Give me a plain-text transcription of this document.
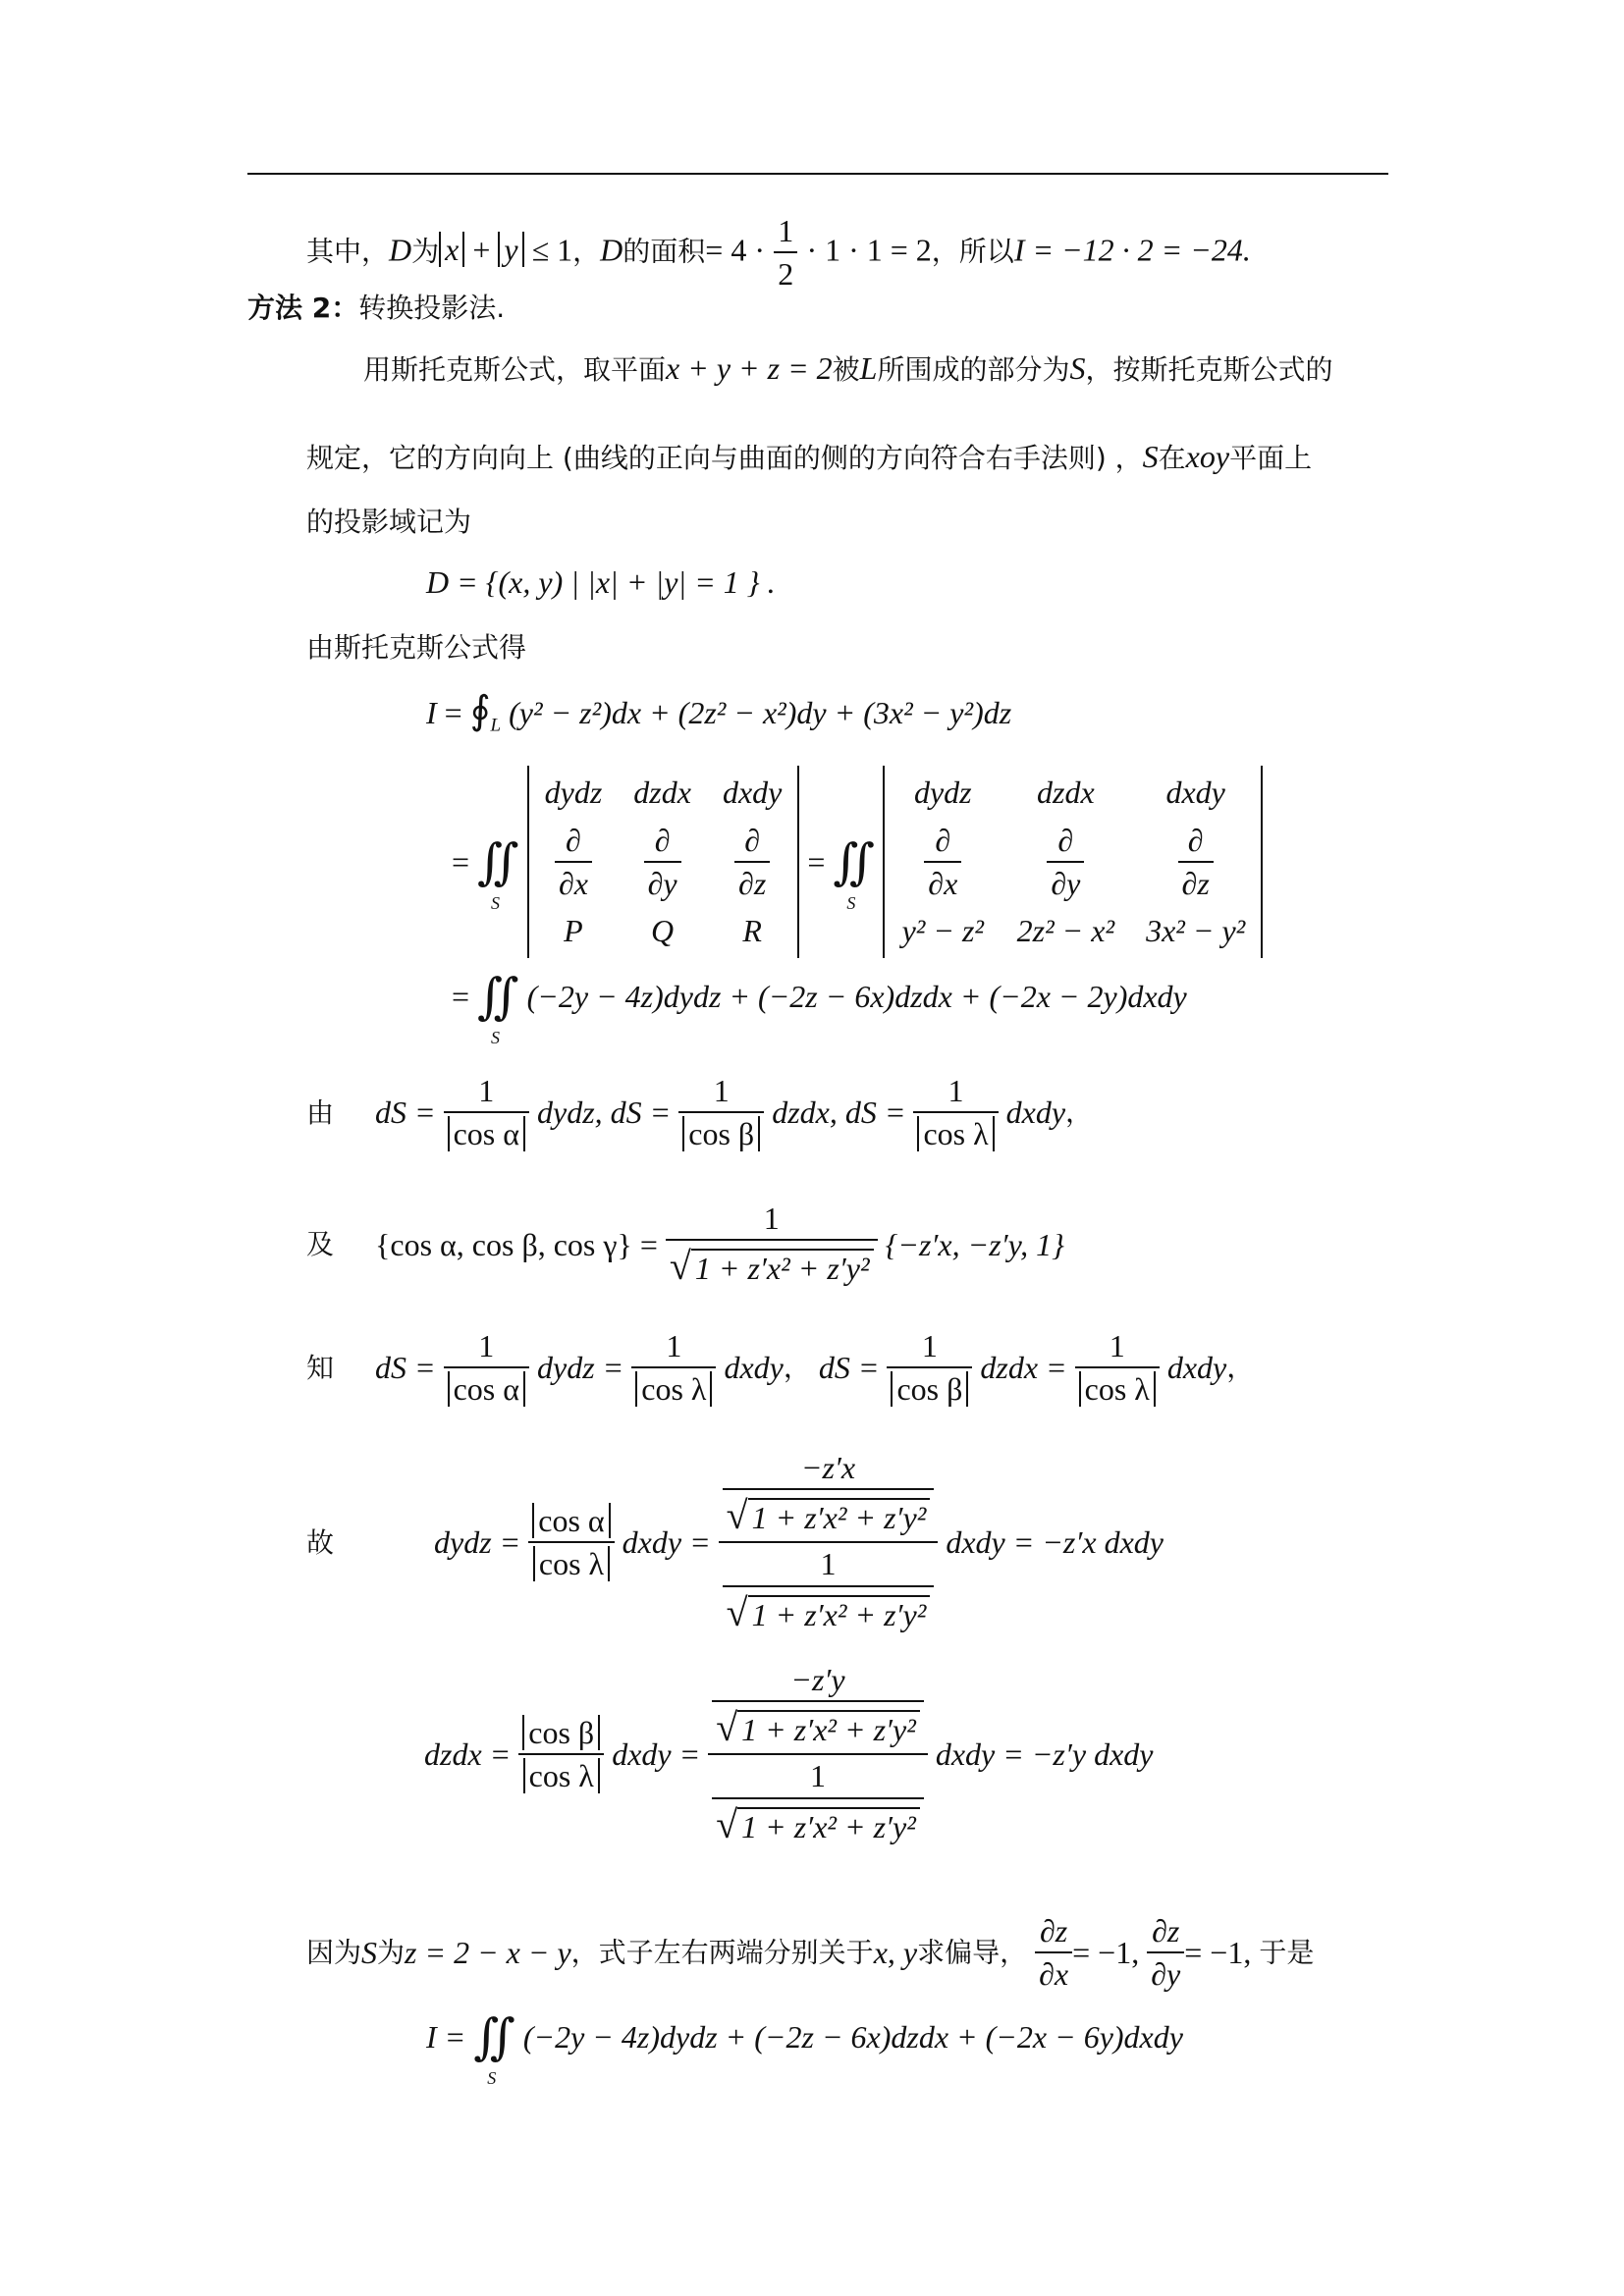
其中，D为 x + y ≤ 1，D的面积= $4 \cdot \frac{1}{2} \cdot 1 \cdot 1 = 2$，所以I = −12 · 2 = −24.
方法 2：转换投影法.
用斯托克斯公式，取平面x + y + z = 2被L所围成的部分为S，按斯托克斯公式的
规定，它的方向向上 (曲线的正向与曲面的侧的方向符合右手法则) ，S在xoy平面上
的投影域记为
D = {(x, y) | |x| + |y| = 1 } .
由斯托克斯公式得
$I = ∮_L$ (y² − z²)dx + (2z² − x²)dy + (3x² − y²)dz
= ∬
S
dydz	dzdx	dxdy

$\frac{\partial}{\partial x}$	$\frac{\partial}{\partial y}$	$\frac{\partial}{\partial z}$

P	Q	R = ∬
S
dydz	dzdx	dxdy

$\frac{\partial}{\partial x}$	$\frac{\partial}{\partial y}$	$\frac{\partial}{\partial z}$

y² − z²	2z² − x²	3x² − y²
= ∬
S
(−2y − 4z)dydz + (−2z − 6x)dzdx + (−2x − 2y)dxdy
由 dS = $\frac{1}{\text{cos α}}$ dydz, dS = $\frac{1}{\text{cos β}}$ dzdx, dS = $\frac{1}{\text{cos λ}}$ dxdy，
及 {cos α, cos β, $\cos \gamma\} = \frac{1}{\text{√ 1 + z′x² + z′y²}} \{-z'x$, −z′y, 1}
知 dS = $\frac{1}{\text{cos α}}$ dydz = $\frac{1}{\text{cos λ}}$ dxdy， dS = $\frac{1}{\text{cos β}}$ dzdx = $\frac{1}{\text{cos λ}}$ dxdy，
故	dydz = $\frac{\text{cos α}}{\text{cos λ}}$ dxdy = $\frac{\frac{-z'x}{\text{√ 1 + z′x² + z′y²}}}{\frac{1}{\text{√ 1 + z′x² + z′y²}}}$ dxdy = −z′x dxdy
dzdx = $\frac{\text{cos β}}{\text{cos λ}}$ dxdy = $\frac{\frac{-z'y}{\text{√ 1 + z′x² + z′y²}}}{\frac{1}{\text{√ 1 + z′x² + z′y²}}}$ dxdy = −z′y dxdy
因为S为z = 2 − x − y，式子左右两端分别关于x, y求偏导， $\frac{\partial z}{\partial x} = -1$, $\frac{\partial z}{\partial y} = -1$, 于是
I = ∬
S
(−2y − 4z)dydz + (−2z − 6x)dzdx + (−2x − 6y)dxdy
